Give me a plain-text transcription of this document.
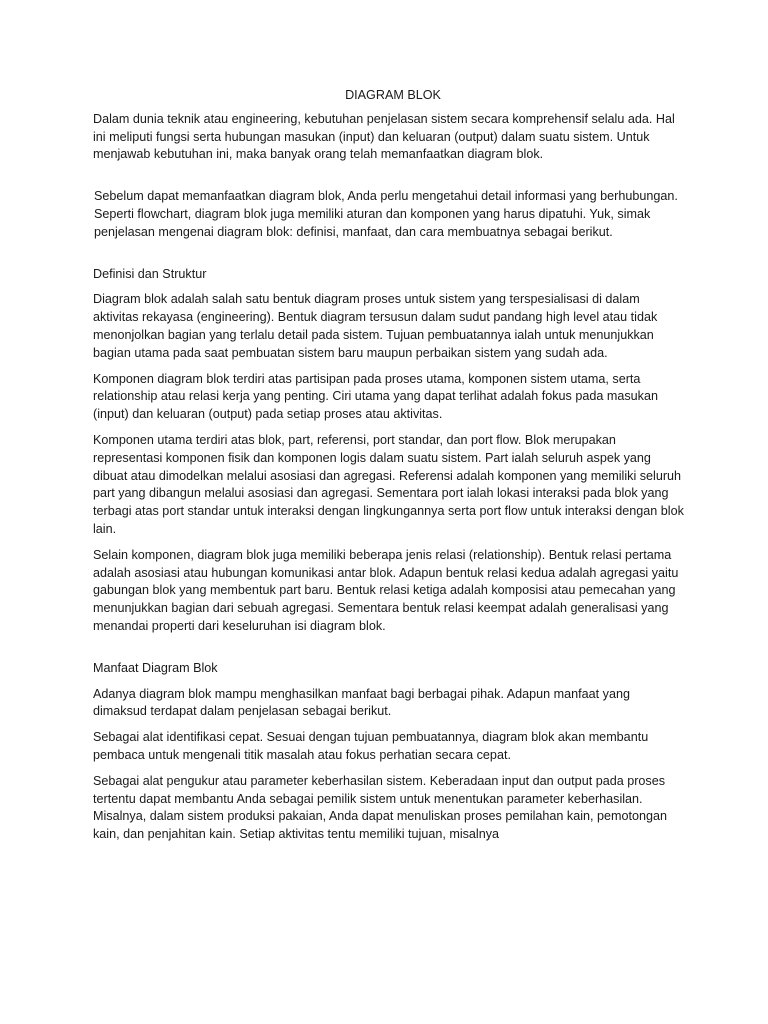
DIAGRAM BLOK

Dalam dunia teknik atau engineering, kebutuhan penjelasan sistem secara komprehensif selalu ada. Hal ini meliputi fungsi serta hubungan masukan (input) dan keluaran (output) dalam suatu sistem. Untuk menjawab kebutuhan ini, maka banyak orang telah memanfaatkan diagram blok.

Sebelum dapat memanfaatkan diagram blok, Anda perlu mengetahui detail informasi yang berhubungan. Seperti flowchart, diagram blok juga memiliki aturan dan komponen yang harus dipatuhi. Yuk, simak penjelasan mengenai diagram blok: definisi, manfaat, dan cara membuatnya sebagai berikut.

Definisi dan Struktur

Diagram blok adalah salah satu bentuk diagram proses untuk sistem yang terspesialisasi di dalam aktivitas rekayasa (engineering). Bentuk diagram tersusun dalam sudut pandang high level atau tidak menonjolkan bagian yang terlalu detail pada sistem. Tujuan pembuatannya ialah untuk menunjukkan bagian utama pada saat pembuatan sistem baru maupun perbaikan sistem yang sudah ada.

Komponen diagram blok terdiri atas partisipan pada proses utama, komponen sistem utama, serta relationship atau relasi kerja yang penting. Ciri utama yang dapat terlihat adalah fokus pada masukan (input) dan keluaran (output) pada setiap proses atau aktivitas.

Komponen utama terdiri atas blok, part, referensi, port standar, dan port flow. Blok merupakan representasi komponen fisik dan komponen logis dalam suatu sistem. Part ialah seluruh aspek yang dibuat atau dimodelkan melalui asosiasi dan agregasi. Referensi adalah komponen yang memiliki seluruh part yang dibangun melalui asosiasi dan agregasi. Sementara port ialah lokasi interaksi pada blok yang terbagi atas port standar untuk interaksi dengan lingkungannya serta port flow untuk interaksi dengan blok lain.

Selain komponen, diagram blok juga memiliki beberapa jenis relasi (relationship). Bentuk relasi pertama adalah asosiasi atau hubungan komunikasi antar blok. Adapun bentuk relasi kedua adalah agregasi yaitu gabungan blok yang membentuk part baru. Bentuk relasi ketiga adalah komposisi atau pemecahan yang menunjukkan bagian dari sebuah agregasi. Sementara bentuk relasi keempat adalah generalisasi yang menandai properti dari keseluruhan isi diagram blok.

Manfaat Diagram Blok

Adanya diagram blok mampu menghasilkan manfaat bagi berbagai pihak. Adapun manfaat yang dimaksud terdapat dalam penjelasan sebagai berikut.

Sebagai alat identifikasi cepat. Sesuai dengan tujuan pembuatannya, diagram blok akan membantu pembaca untuk mengenali titik masalah atau fokus perhatian secara cepat.

Sebagai alat pengukur atau parameter keberhasilan sistem. Keberadaan input dan output pada proses tertentu dapat membantu Anda sebagai pemilik sistem untuk menentukan parameter keberhasilan. Misalnya, dalam sistem produksi pakaian, Anda dapat menuliskan proses pemilahan kain, pemotongan kain, dan penjahitan kain. Setiap aktivitas tentu memiliki tujuan, misalnya
